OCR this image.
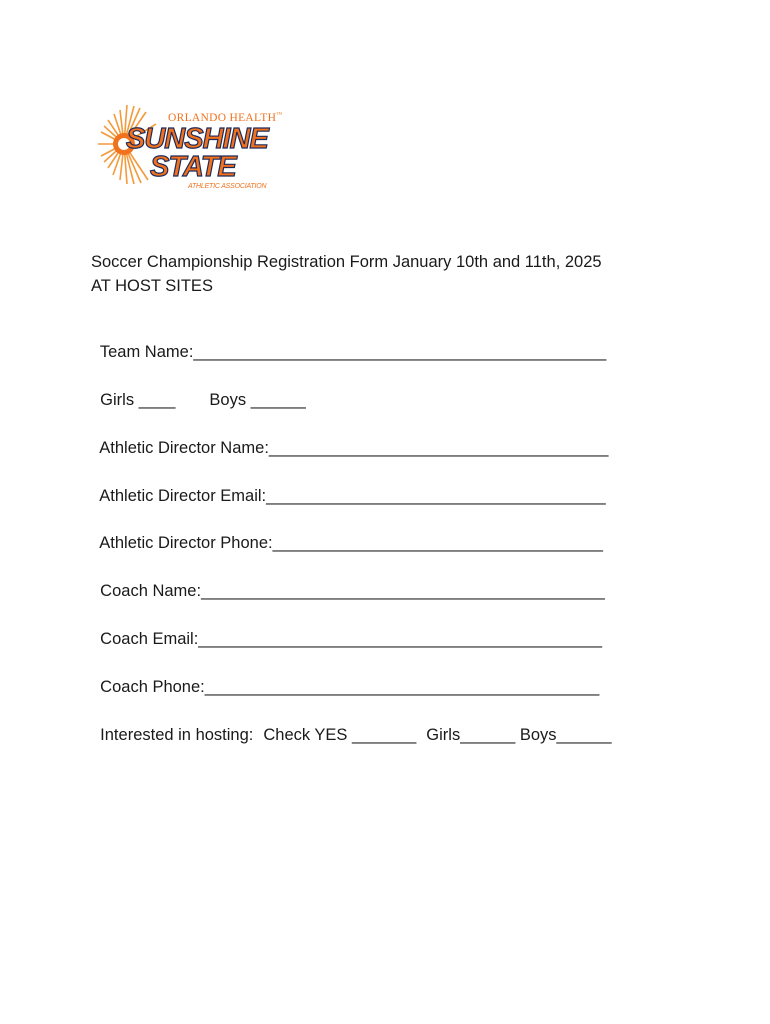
ORLANDO HEALTH™
SUNSHINE
STATE
ATHLETIC ASSOCIATION
Soccer Championship Registration Form January 10th and 11th, 2025
AT HOST SITES

Team Name:_____________________________________________

Girls ____ Boys ______

Athletic Director Name:_____________________________________

Athletic Director Email:_____________________________________

Athletic Director Phone:____________________________________

Coach Name:____________________________________________

Coach Email:____________________________________________

Coach Phone:___________________________________________

Interested in hosting: Check YES _______ Girls______ Boys______
